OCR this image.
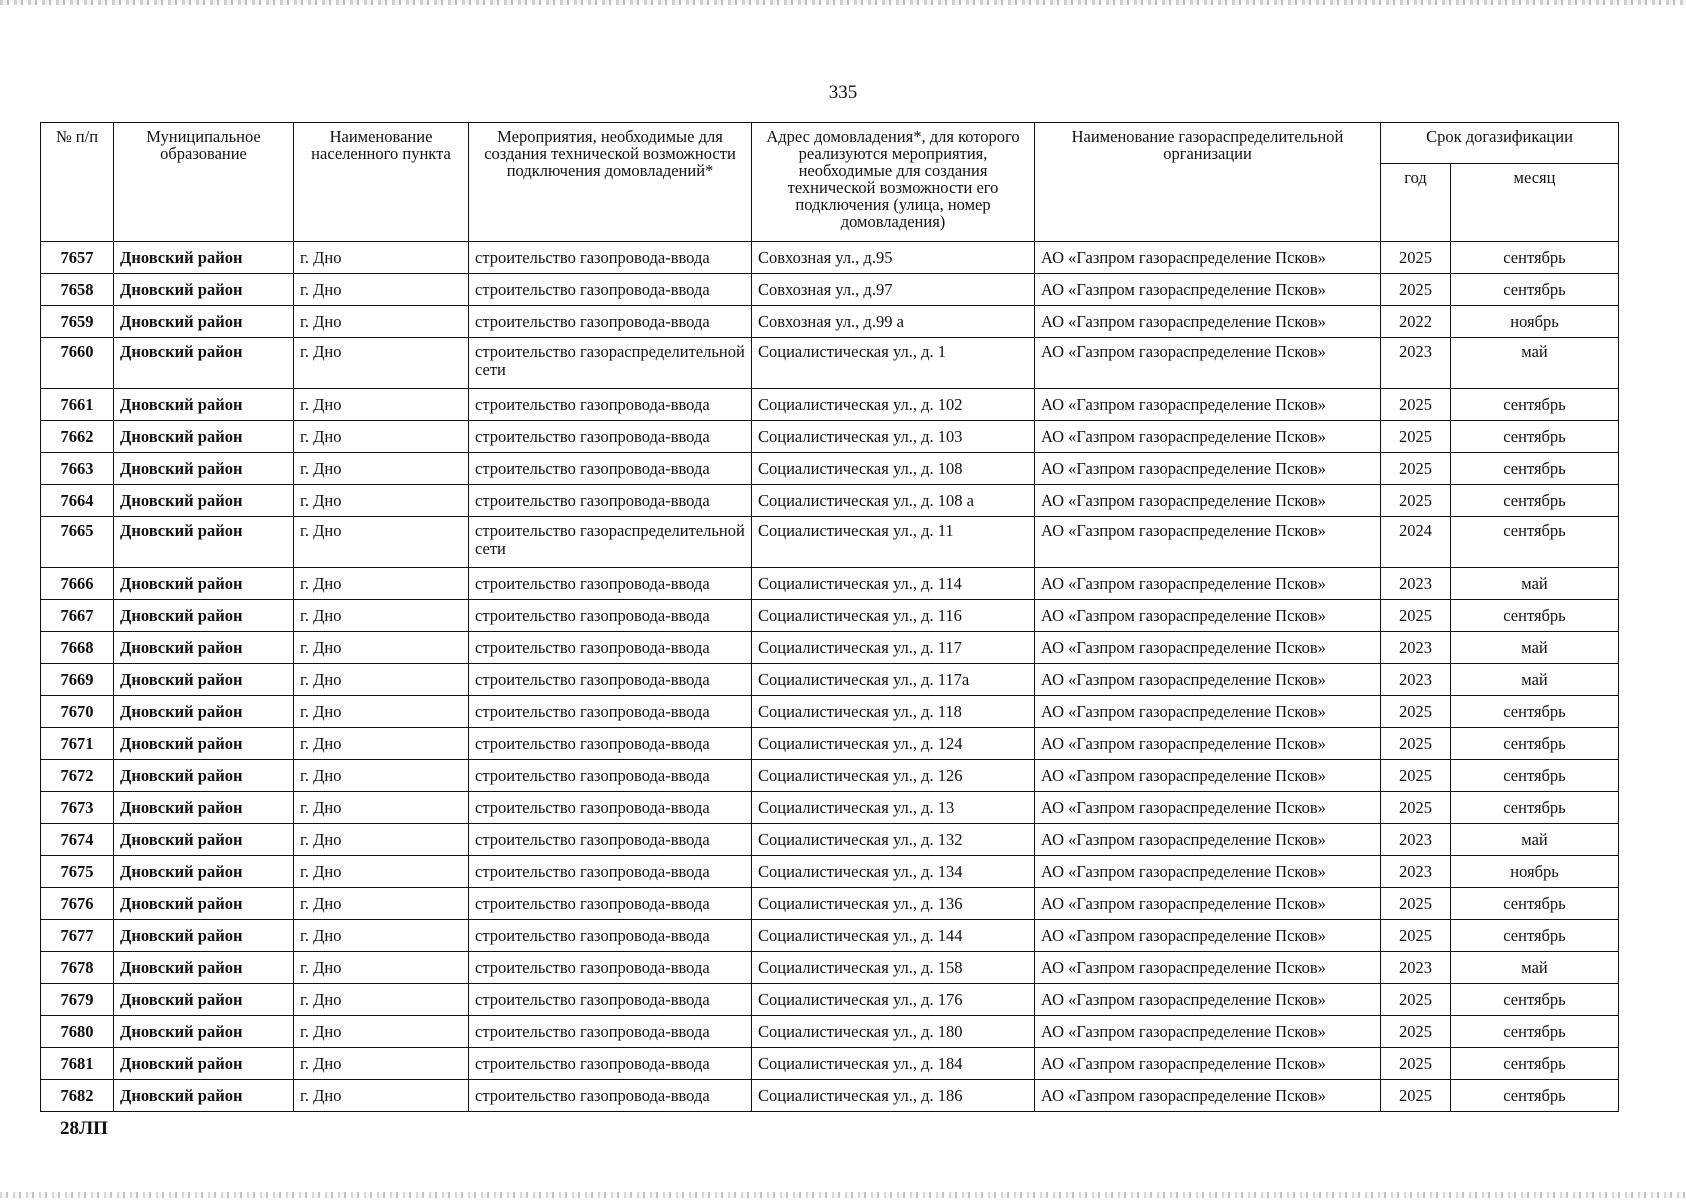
335
№ п/п	Муниципальное образование	Наименование населенного пункта	Мероприятия, необходимые для создания технической возможности подключения домовладений*	Адрес домовладения*, для которого реализуются мероприятия, необходимые для создания технической возможности его подключения (улица, номер домовладения)	Наименование газораспределительной организации	Срок догазификации	
						год	месяц
7657	Дновский район	г. Дно	строительство газопровода-ввода	Совхозная ул., д.95	АО «Газпром газораспределение Псков»	2025	сентябрь
7658	Дновский район	г. Дно	строительство газопровода-ввода	Совхозная ул., д.97	АО «Газпром газораспределение Псков»	2025	сентябрь
7659	Дновский район	г. Дно	строительство газопровода-ввода	Совхозная ул., д.99 а	АО «Газпром газораспределение Псков»	2022	ноябрь
7660	Дновский район	г. Дно	строительство газораспределительной сети	Социалистическая ул., д. 1	АО «Газпром газораспределение Псков»	2023	май
7661	Дновский район	г. Дно	строительство газопровода-ввода	Социалистическая ул., д. 102	АО «Газпром газораспределение Псков»	2025	сентябрь
7662	Дновский район	г. Дно	строительство газопровода-ввода	Социалистическая ул., д. 103	АО «Газпром газораспределение Псков»	2025	сентябрь
7663	Дновский район	г. Дно	строительство газопровода-ввода	Социалистическая ул., д. 108	АО «Газпром газораспределение Псков»	2025	сентябрь
7664	Дновский район	г. Дно	строительство газопровода-ввода	Социалистическая ул., д. 108 а	АО «Газпром газораспределение Псков»	2025	сентябрь
7665	Дновский район	г. Дно	строительство газораспределительной сети	Социалистическая ул., д. 11	АО «Газпром газораспределение Псков»	2024	сентябрь
7666	Дновский район	г. Дно	строительство газопровода-ввода	Социалистическая ул., д. 114	АО «Газпром газораспределение Псков»	2023	май
7667	Дновский район	г. Дно	строительство газопровода-ввода	Социалистическая ул., д. 116	АО «Газпром газораспределение Псков»	2025	сентябрь
7668	Дновский район	г. Дно	строительство газопровода-ввода	Социалистическая ул., д. 117	АО «Газпром газораспределение Псков»	2023	май
7669	Дновский район	г. Дно	строительство газопровода-ввода	Социалистическая ул., д. 117а	АО «Газпром газораспределение Псков»	2023	май
7670	Дновский район	г. Дно	строительство газопровода-ввода	Социалистическая ул., д. 118	АО «Газпром газораспределение Псков»	2025	сентябрь
7671	Дновский район	г. Дно	строительство газопровода-ввода	Социалистическая ул., д. 124	АО «Газпром газораспределение Псков»	2025	сентябрь
7672	Дновский район	г. Дно	строительство газопровода-ввода	Социалистическая ул., д. 126	АО «Газпром газораспределение Псков»	2025	сентябрь
7673	Дновский район	г. Дно	строительство газопровода-ввода	Социалистическая ул., д. 13	АО «Газпром газораспределение Псков»	2025	сентябрь
7674	Дновский район	г. Дно	строительство газопровода-ввода	Социалистическая ул., д. 132	АО «Газпром газораспределение Псков»	2023	май
7675	Дновский район	г. Дно	строительство газопровода-ввода	Социалистическая ул., д. 134	АО «Газпром газораспределение Псков»	2023	ноябрь
7676	Дновский район	г. Дно	строительство газопровода-ввода	Социалистическая ул., д. 136	АО «Газпром газораспределение Псков»	2025	сентябрь
7677	Дновский район	г. Дно	строительство газопровода-ввода	Социалистическая ул., д. 144	АО «Газпром газораспределение Псков»	2025	сентябрь
7678	Дновский район	г. Дно	строительство газопровода-ввода	Социалистическая ул., д. 158	АО «Газпром газораспределение Псков»	2023	май
7679	Дновский район	г. Дно	строительство газопровода-ввода	Социалистическая ул., д. 176	АО «Газпром газораспределение Псков»	2025	сентябрь
7680	Дновский район	г. Дно	строительство газопровода-ввода	Социалистическая ул., д. 180	АО «Газпром газораспределение Псков»	2025	сентябрь
7681	Дновский район	г. Дно	строительство газопровода-ввода	Социалистическая ул., д. 184	АО «Газпром газораспределение Псков»	2025	сентябрь
7682	Дновский район	г. Дно	строительство газопровода-ввода	Социалистическая ул., д. 186	АО «Газпром газораспределение Псков»	2025	сентябрь
28ЛП
